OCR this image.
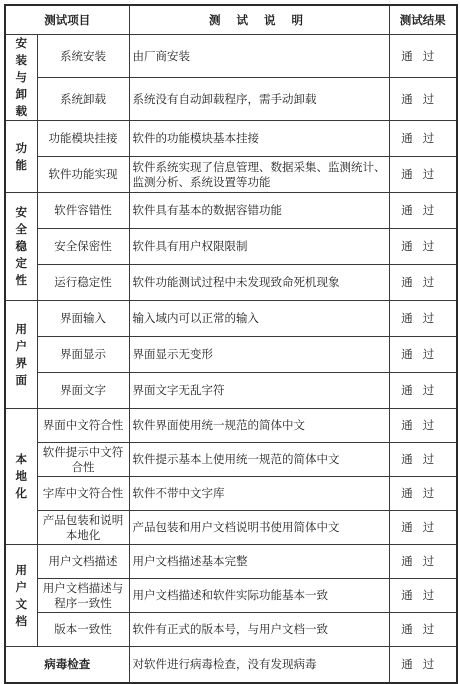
测试项目		测 试 说 明	测试结果
安装与卸载	系统安装	由厂商安装	通过
	系统卸载	系统没有自动卸载程序，需手动卸载	通过
功能	功能模块挂接	软件的功能模块基本挂接	通过
	软件功能实现	软件系统实现了信息管理、数据采集、监测统计、监测分析、系统设置等功能	通过
安全稳定性	软件容错性	软件具有基本的数据容错功能	通过
	安全保密性	软件具有用户权限限制	通过
	运行稳定性	软件功能测试过程中未发现致命死机现象	通过
用户界面	界面输入	输入域内可以正常的输入	通过
	界面显示	界面显示无变形	通过
	界面文字	界面文字无乱字符	通过
本地化	界面中文符合性	软件界面使用统一规范的简体中文	通过
	软件提示中文符合性	软件提示基本上使用统一规范的简体中文	通过
	字库中文符合性	软件不带中文字库	通过
	产品包装和说明本地化	产品包装和用户文档说明书使用简体中文	通过
用户文档	用户文档描述	用户文档描述基本完整	通过
	用户文档描述与程序一致性	用户文档描述和软件实际功能基本一致	通过
	版本一致性	软件有正式的版本号，与用户文档一致	通过
病毒检查		对软件进行病毒检查，没有发现病毒	通过
